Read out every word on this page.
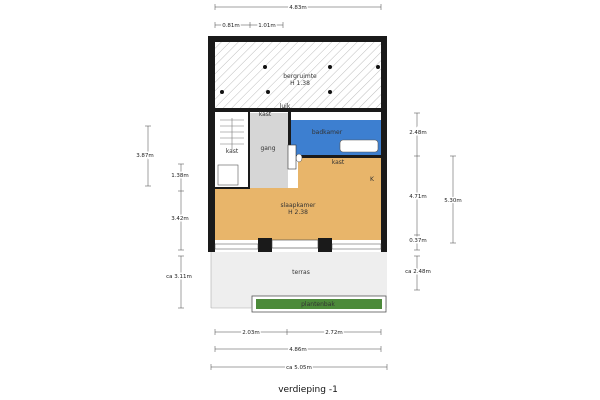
bergruimte
H 1.38
luik
kast
badkamer
kast	gang
kast
K
slaapkamer
H 2.38
terras
plantenbak
4.83m
0.81m	1.01m
3.87m
1.38m
3.42m
ca 3.11m
2.48m
4.71m
0.37m
5.30m
ca 2.48m
2.03m	2.72m
4.86m
ca 5.05m
verdieping -1
